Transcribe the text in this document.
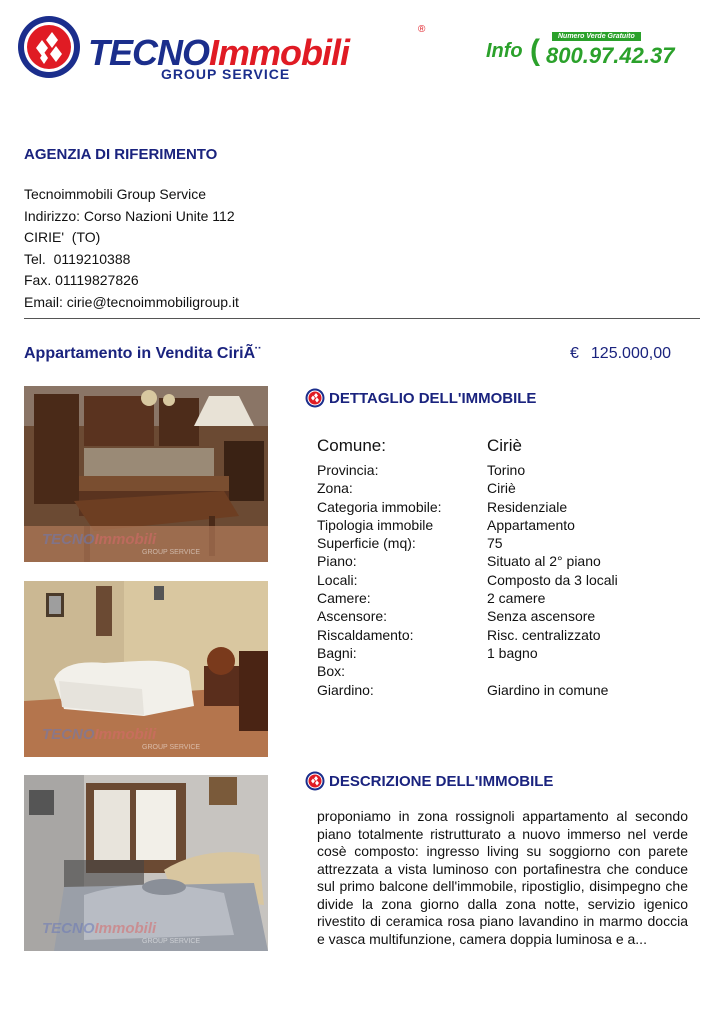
TECNOImmobili
®
GROUP SERVICE
Info (	Numero Verde Gratuito
800.97.42.37
AGENZIA DI RIFERIMENTO
Tecnoimmobili Group Service
Indirizzo: Corso Nazioni Unite 112
CIRIE'  (TO)
Tel.  0119210388
Fax. 01119827826
Email: cirie@tecnoimmobiligroup.it
Appartamento in Vendita CiriÃ¨	€ 125.000,00
TECNOImmobili
GROUP SERVICE
TECNOImmobili
GROUP SERVICE
TECNOImmobili
GROUP SERVICE
DETTAGLIO DELL'IMMOBILE
Comune:	Ciriè
Provincia:	Torino
Zona:	Ciriè
Categoria immobile:	Residenziale
Tipologia immobile	Appartamento
Superficie (mq):	75
Piano:	Situato al 2° piano
Locali:	Composto da 3 locali
Camere:	2 camere
Ascensore:	Senza ascensore
Riscaldamento:	Risc. centralizzato
Bagni:	1 bagno
Box:
Giardino:	Giardino in comune
DESCRIZIONE DELL'IMMOBILE
proponiamo in zona rossignoli appartamento al secondo piano totalmente ristrutturato a nuovo immerso nel verde cosè composto: ingresso living su soggiorno con parete attrezzata a vista luminoso con portafinestra che conduce sul primo balcone dell'immobile, ripostiglio, disimpegno che divide la zona giorno dalla zona notte, servizio igenico rivestito di ceramica rosa piano lavandino in marmo doccia e vasca multifunzione, camera doppia luminosa e a...
